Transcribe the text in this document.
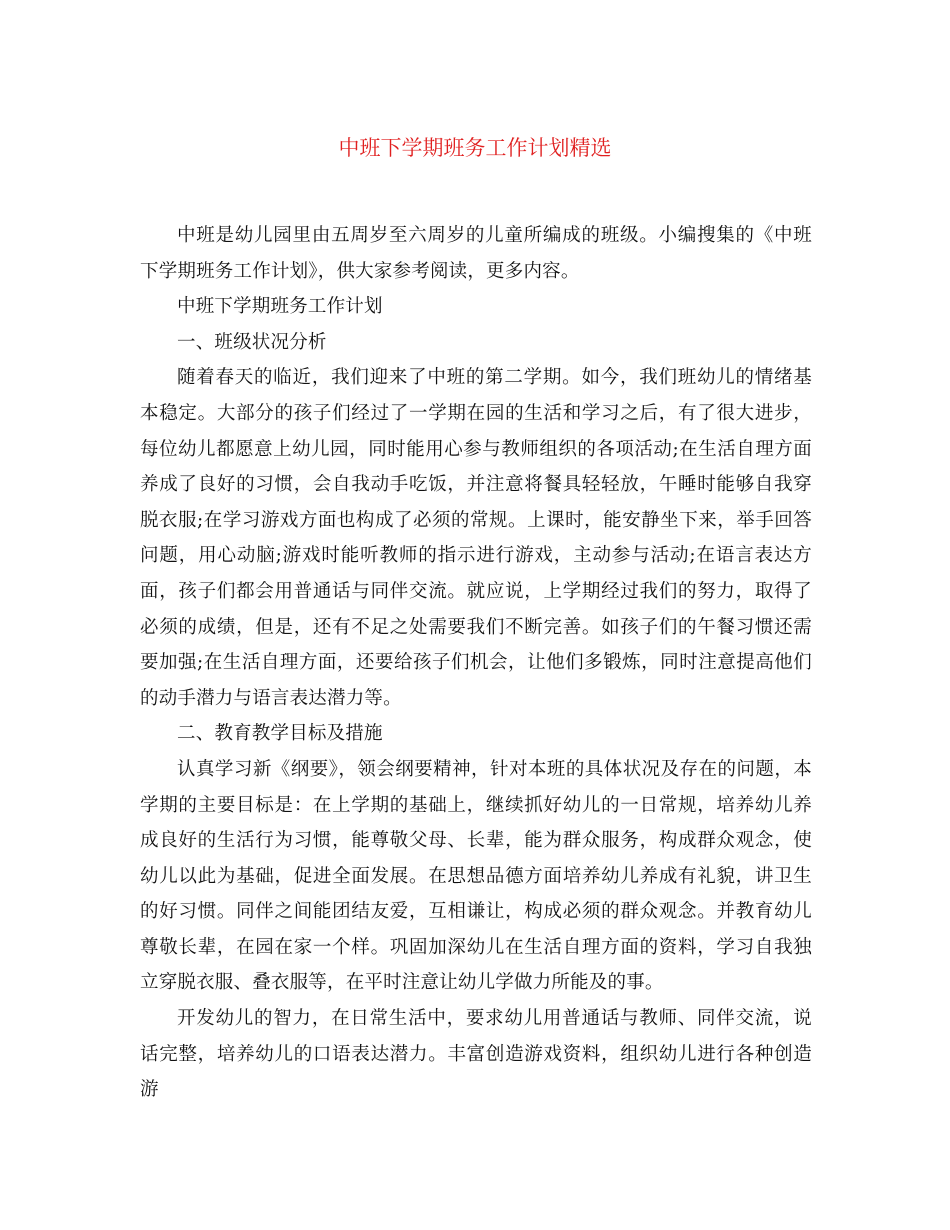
中班下学期班务工作计划精选

中班是幼儿园里由五周岁至六周岁的儿童所编成的班级。小编搜集的《中班下学期班务工作计划》，供大家参考阅读，更多内容。

中班下学期班务工作计划

一、班级状况分析

随着春天的临近，我们迎来了中班的第二学期。如今，我们班幼儿的情绪基本稳定。大部分的孩子们经过了一学期在园的生活和学习之后，有了很大进步，每位幼儿都愿意上幼儿园，同时能用心参与教师组织的各项活动;在生活自理方面养成了良好的习惯，会自我动手吃饭，并注意将餐具轻轻放，午睡时能够自我穿脱衣服;在学习游戏方面也构成了必须的常规。上课时，能安静坐下来，举手回答问题，用心动脑;游戏时能听教师的指示进行游戏，主动参与活动;在语言表达方面，孩子们都会用普通话与同伴交流。就应说，上学期经过我们的努力，取得了必须的成绩，但是，还有不足之处需要我们不断完善。如孩子们的午餐习惯还需要加强;在生活自理方面，还要给孩子们机会，让他们多锻炼，同时注意提高他们的动手潜力与语言表达潜力等。

二、教育教学目标及措施

认真学习新《纲要》，领会纲要精神，针对本班的具体状况及存在的问题，本学期的主要目标是：在上学期的基础上，继续抓好幼儿的一日常规，培养幼儿养成良好的生活行为习惯，能尊敬父母、长辈，能为群众服务，构成群众观念，使幼儿以此为基础，促进全面发展。在思想品德方面培养幼儿养成有礼貌，讲卫生的好习惯。同伴之间能团结友爱，互相谦让，构成必须的群众观念。并教育幼儿尊敬长辈，在园在家一个样。巩固加深幼儿在生活自理方面的资料，学习自我独立穿脱衣服、叠衣服等，在平时注意让幼儿学做力所能及的事。

开发幼儿的智力，在日常生活中，要求幼儿用普通话与教师、同伴交流，说话完整，培养幼儿的口语表达潜力。丰富创造游戏资料，组织幼儿进行各种创造游
